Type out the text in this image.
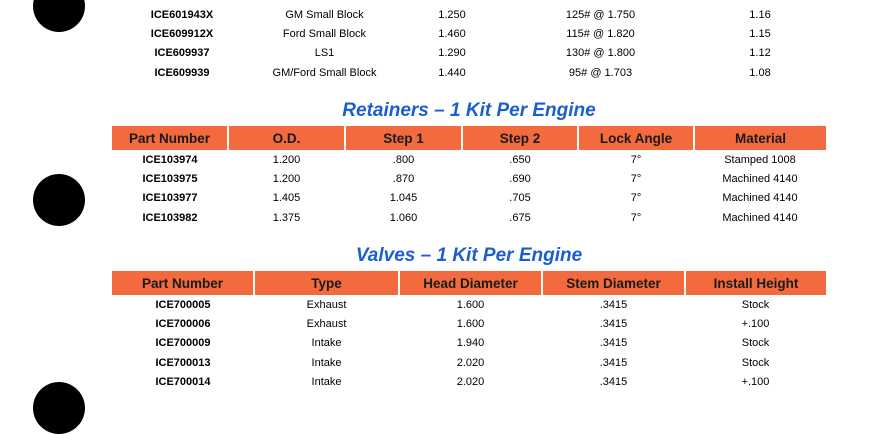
ICE601943X	GM Small Block	1.250	125# @ 1.750	1.16
ICE609912X	Ford Small Block	1.460	115# @ 1.820	1.15
ICE609937	LS1	1.290	130# @ 1.800	1.12
ICE609939	GM/Ford Small Block	1.440	95# @ 1.703	1.08
Retainers – 1 Kit Per Engine
Part Number	O.D.	Step 1	Step 2	Lock Angle	Material
ICE103974	1.200	.800	.650	7°	Stamped 1008
ICE103975	1.200	.870	.690	7°	Machined 4140
ICE103977	1.405	1.045	.705	7°	Machined 4140
ICE103982	1.375	1.060	.675	7°	Machined 4140
Valves – 1 Kit Per Engine
Part Number	Type	Head Diameter	Stem Diameter	Install Height
ICE700005	Exhaust	1.600	.3415	Stock
ICE700006	Exhaust	1.600	.3415	+.100
ICE700009	Intake	1.940	.3415	Stock
ICE700013	Intake	2.020	.3415	Stock
ICE700014	Intake	2.020	.3415	+.100
